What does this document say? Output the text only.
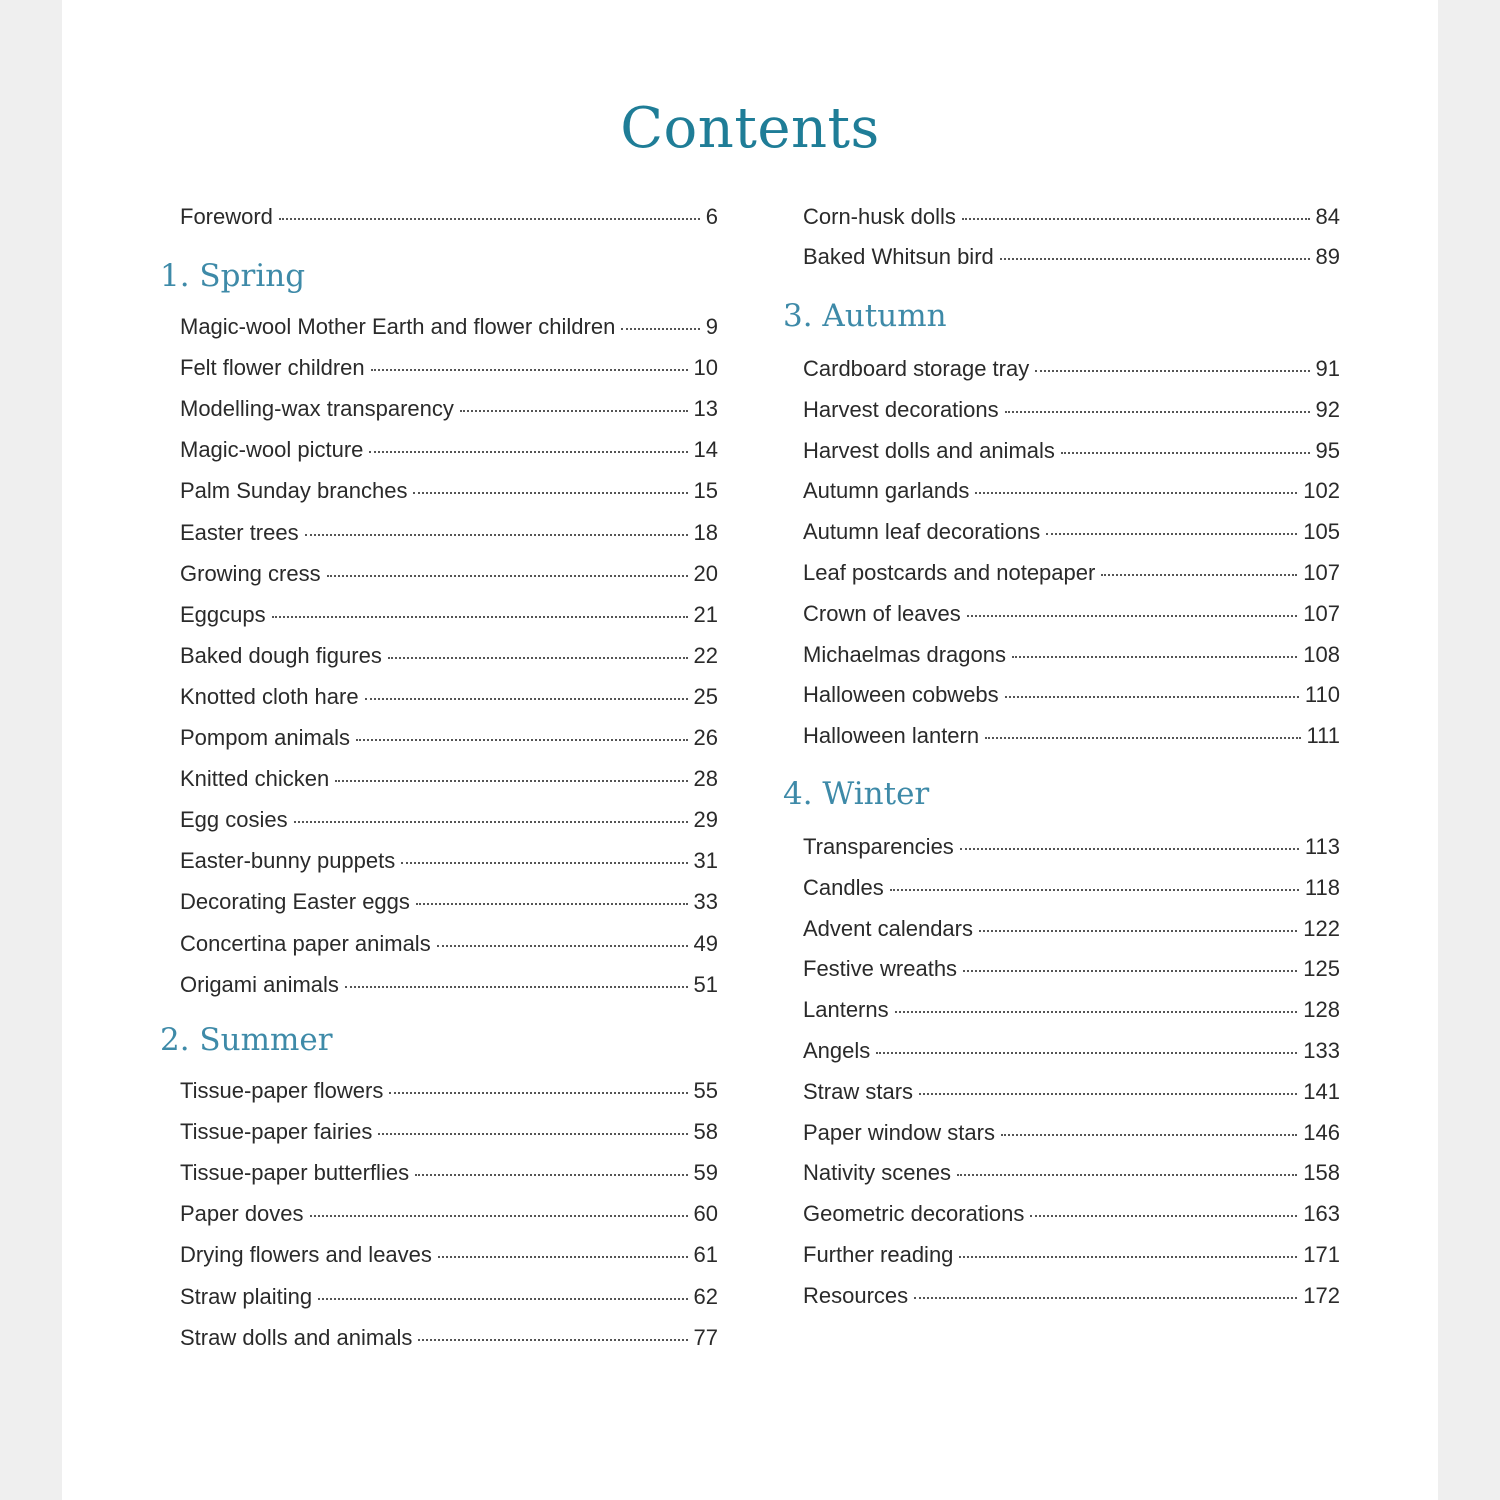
Contents
Foreword	6
1. Spring
2. Summer
3. Autumn
4. Winter
Magic-wool Mother Earth and flower children	9
Felt flower children	10
Modelling-wax transparency	13
Magic-wool picture	14
Palm Sunday branches	15
Easter trees	18
Growing cress	20
Eggcups	21
Baked dough figures	22
Knotted cloth hare	25
Pompom animals	26
Knitted chicken	28
Egg cosies	29
Easter-bunny puppets	31
Decorating Easter eggs	33
Concertina paper animals	49
Origami animals	51
Tissue-paper flowers	55
Tissue-paper fairies	58
Tissue-paper butterflies	59
Paper doves	60
Drying flowers and leaves	61
Straw plaiting	62
Straw dolls and animals	77
Corn-husk dolls	84
Baked Whitsun bird	89
Cardboard storage tray	91
Harvest decorations	92
Harvest dolls and animals	95
Autumn garlands	102
Autumn leaf decorations	105
Leaf postcards and notepaper	107
Crown of leaves	107
Michaelmas dragons	108
Halloween cobwebs	110
Halloween lantern	111
Transparencies	113
Candles	118
Advent calendars	122
Festive wreaths	125
Lanterns	128
Angels	133
Straw stars	141
Paper window stars	146
Nativity scenes	158
Geometric decorations	163
Further reading	171
Resources	172
